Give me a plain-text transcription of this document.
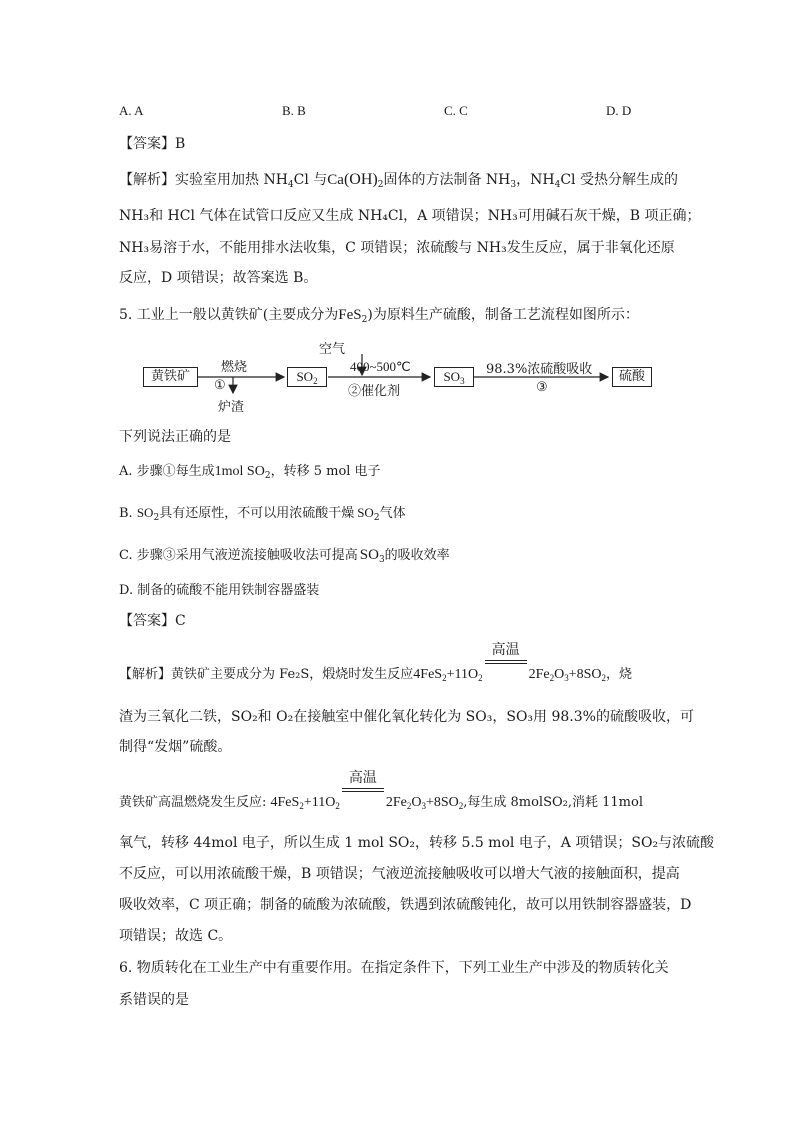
A. A	B. B	C. C	D. D
【答案】B
【解析】实验室用加热 $NH_4Cl$ 与$Ca(OH)_2$固体的方法制备 $NH_3$，$NH_4Cl$ 受热分解生成的
NH₃和 HCl 气体在试管口反应又生成 NH₄Cl，A 项错误；NH₃可用碱石灰干燥，B 项正确；
NH₃易溶于水，不能用排水法收集，C 项错误；浓硫酸与 NH₃发生反应，属于非氧化还原
反应，D 项错误；故答案选 B。
5. 工业上一般以黄铁矿(主要成分为FeS$_2$)为原料生产硫酸，制备工艺流程如图所示：
黄铁矿
燃烧
①
炉渣
$SO_2$
空气
400~500℃
②催化剂
$SO_3$
98.3%浓硫酸吸收
③
硫酸
下列说法正确的是
A. 步骤①每生成1mol $SO_2$，转移 5 mol 电子
B. $SO_2$具有还原性，不可以用浓硫酸干燥 $SO_2$气体
C. 步骤③采用气液逆流接触吸收法可提高 $SO_3$的吸收效率
D. 制备的硫酸不能用铁制容器盛装
【答案】C
【解析】黄铁矿主要成分为 Fe₂S，煅烧时发生反应$4FeS_2+11O_2$
高温
$2Fe_2O_3+8SO_2$，烧
渣为三氧化二铁，SO₂和 O₂在接触室中催化氧化转化为 SO₃，SO₃用 98.3%的硫酸吸收，可
制得“发烟”硫酸。
黄铁矿高温燃烧发生反应: $4FeS_2+11O_2$
高温
$2Fe_2O_3+8SO_2$,每生成 8molSO₂,消耗 11mol
氧气，转移 44mol 电子，所以生成 1 mol SO₂，转移 5.5 mol 电子，A 项错误；SO₂与浓硫酸
不反应，可以用浓硫酸干燥，B 项错误；气液逆流接触吸收可以增大气液的接触面积，提高
吸收效率，C 项正确；制备的硫酸为浓硫酸，铁遇到浓硫酸钝化，故可以用铁制容器盛装，D
项错误；故选 C。
6. 物质转化在工业生产中有重要作用。在指定条件下，下列工业生产中涉及的物质转化关
系错误的是
